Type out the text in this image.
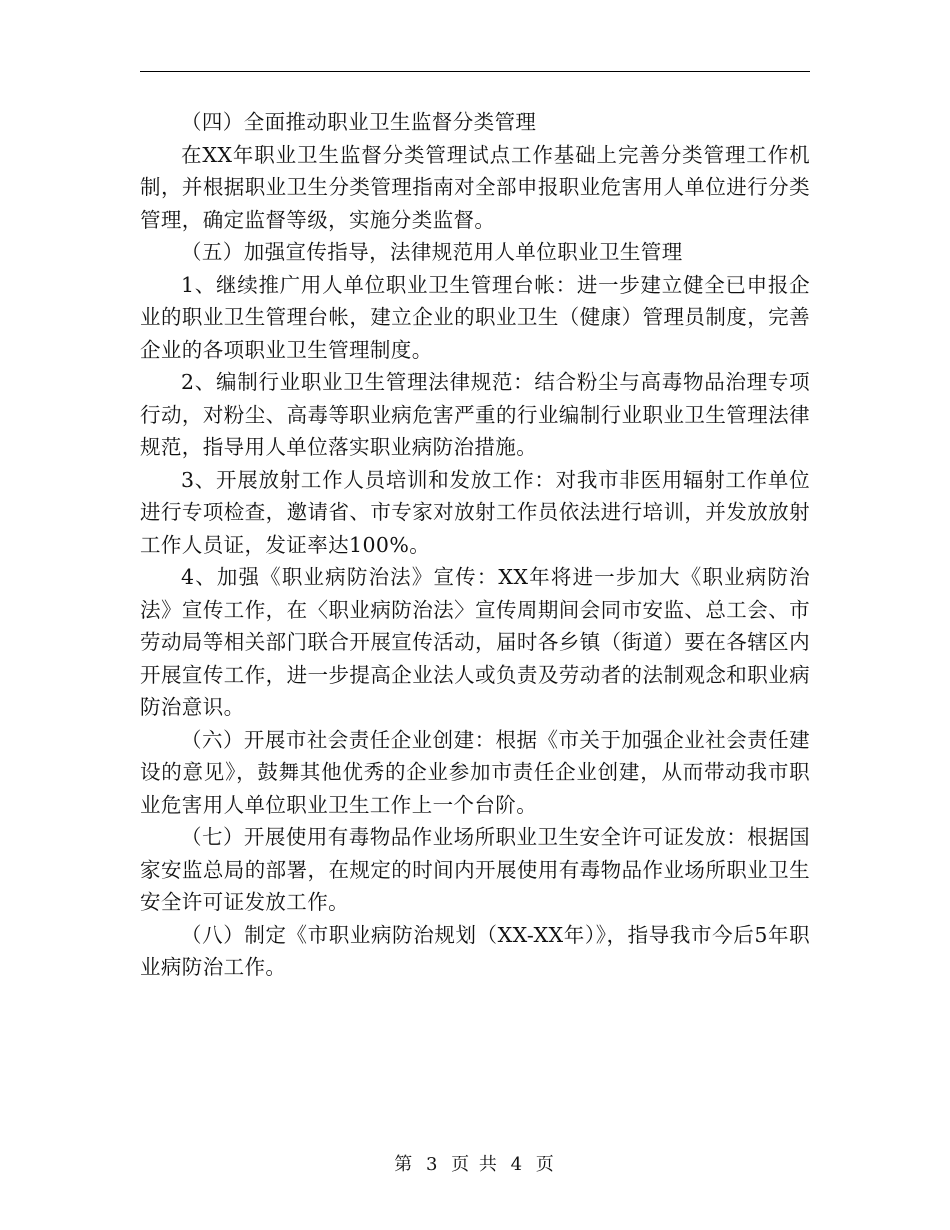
（四）全面推动职业卫生监督分类管理

在XX年职业卫生监督分类管理试点工作基础上完善分类管理工作机制，并根据职业卫生分类管理指南对全部申报职业危害用人单位进行分类管理，确定监督等级，实施分类监督。

（五）加强宣传指导，法律规范用人单位职业卫生管理

1、继续推广用人单位职业卫生管理台帐：进一步建立健全已申报企业的职业卫生管理台帐，建立企业的职业卫生（健康）管理员制度，完善企业的各项职业卫生管理制度。

2、编制行业职业卫生管理法律规范：结合粉尘与高毒物品治理专项行动，对粉尘、高毒等职业病危害严重的行业编制行业职业卫生管理法律规范，指导用人单位落实职业病防治措施。

3、开展放射工作人员培训和发放工作：对我市非医用辐射工作单位进行专项检查，邀请省、市专家对放射工作员依法进行培训，并发放放射工作人员证，发证率达100%。

4、加强《职业病防治法》宣传：XX年将进一步加大《职业病防治法》宣传工作，在〈职业病防治法〉宣传周期间会同市安监、总工会、市劳动局等相关部门联合开展宣传活动，届时各乡镇（街道）要在各辖区内开展宣传工作，进一步提高企业法人或负责及劳动者的法制观念和职业病防治意识。

（六）开展市社会责任企业创建：根据《市关于加强企业社会责任建设的意见》，鼓舞其他优秀的企业参加市责任企业创建，从而带动我市职业危害用人单位职业卫生工作上一个台阶。

（七）开展使用有毒物品作业场所职业卫生安全许可证发放：根据国家安监总局的部署，在规定的时间内开展使用有毒物品作业场所职业卫生安全许可证发放工作。

（八）制定《市职业病防治规划（XX-XX年）》，指导我市今后5年职业病防治工作。

第 3 页 共 4 页
